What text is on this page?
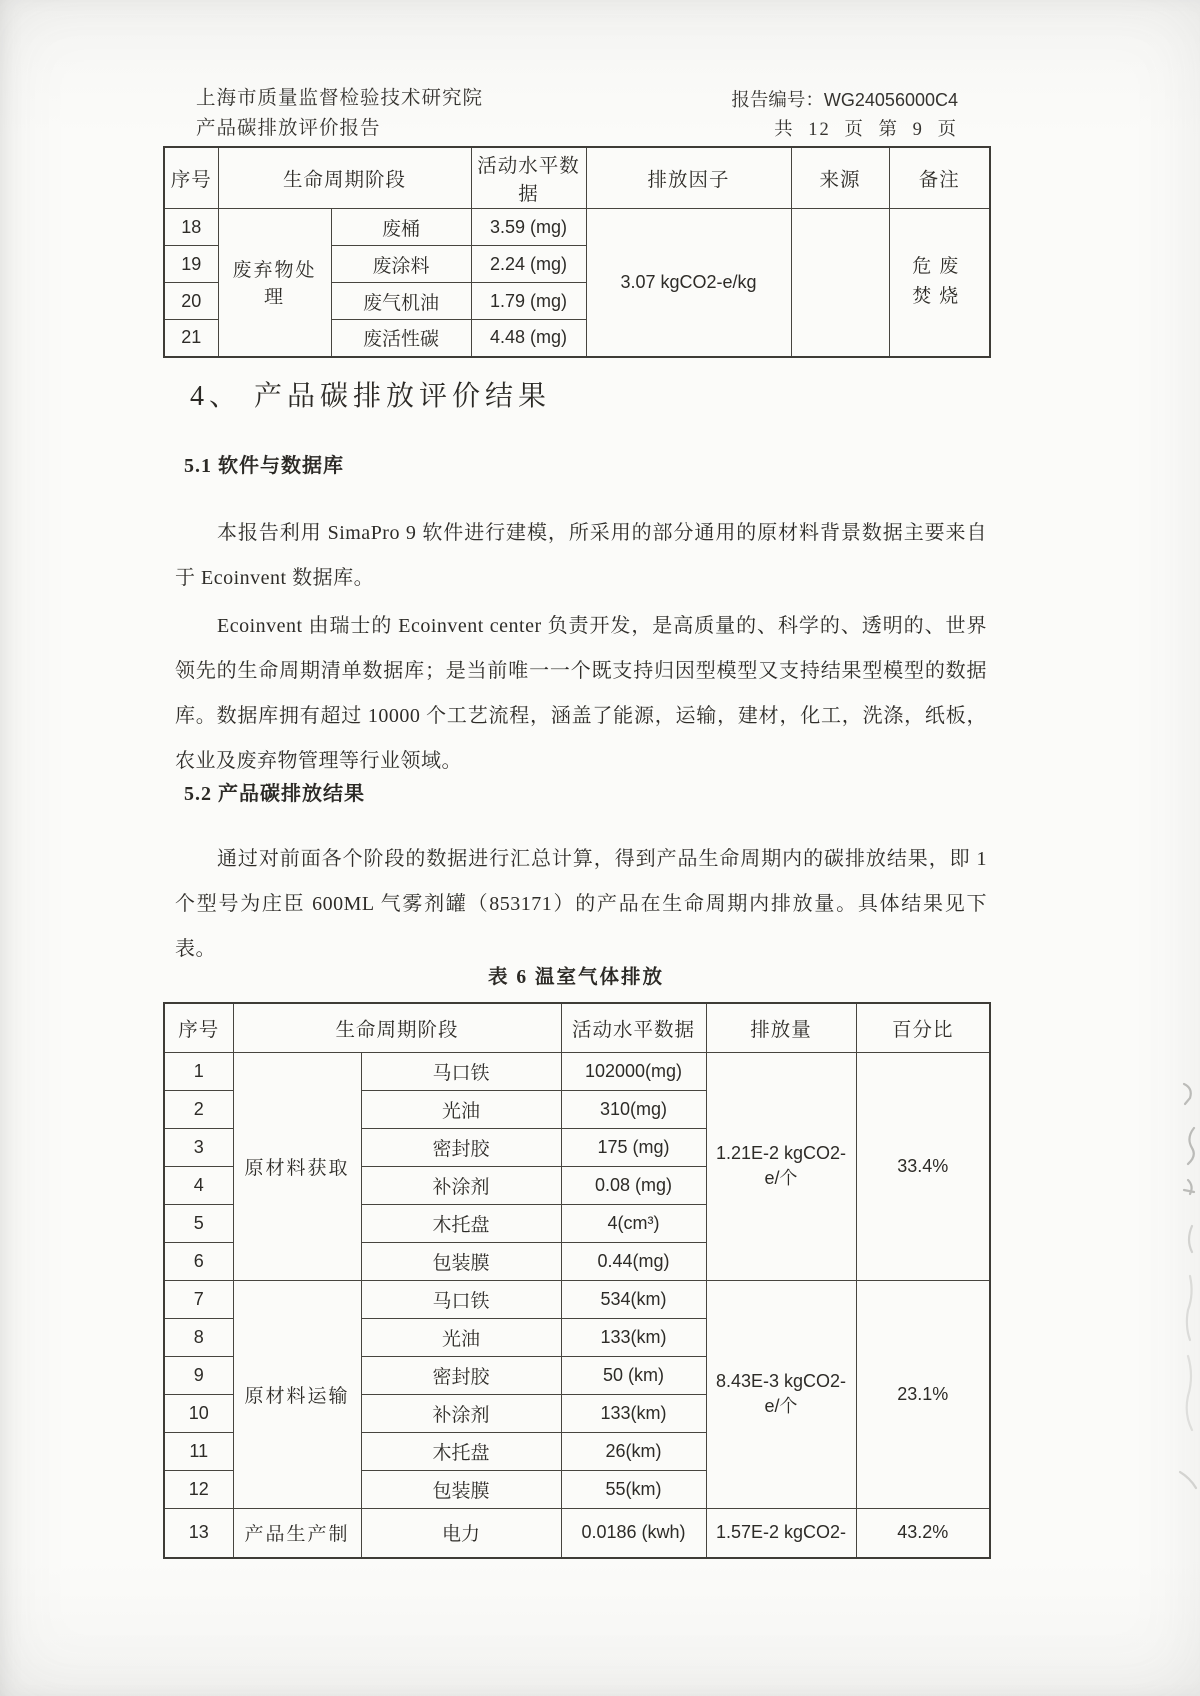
上海市质量监督检验技术研究院
产品碳排放评价报告
报告编号：WG24056000C4
共 12 页 第 9 页
序号	生命周期阶段		活动水平数据	排放因子	来源	备注
18	废弃物处理	废桶	3.59 (mg)	3.07 kgCO2-e/kg		危废焚烧
19		废涂料	2.24 (mg)			
20		废气机油	1.79 (mg)			
21		废活性碳	4.48 (mg)			
4、 产品碳排放评价结果
5.1 软件与数据库

本报告利用 SimaPro 9 软件进行建模，所采用的部分通用的原材料背景数据主要来自于 Ecoinvent 数据库。

Ecoinvent 由瑞士的 Ecoinvent center 负责开发，是高质量的、科学的、透明的、世界领先的生命周期清单数据库；是当前唯一一个既支持归因型模型又支持结果型模型的数据库。数据库拥有超过 10000 个工艺流程，涵盖了能源，运输，建材，化工，洗涤，纸板，农业及废弃物管理等行业领域。

5.2 产品碳排放结果

通过对前面各个阶段的数据进行汇总计算，得到产品生命周期内的碳排放结果，即 1 个型号为庄臣 600ML 气雾剂罐（853171）的产品在生命周期内排放量。具体结果见下表。

表 6 温室气体排放
序号	生命周期阶段		活动水平数据	排放量	百分比
1	原材料获取	马口铁	102000(mg)	1.21E-2 kgCO2-e/个	33.4%
2		光油	310(mg)		
3		密封胶	175 (mg)		
4		补涂剂	0.08 (mg)		
5		木托盘	4(cm³)		
6		包装膜	0.44(mg)		
7	原材料运输	马口铁	534(km)	8.43E-3 kgCO2-e/个	23.1%
8		光油	133(km)		
9		密封胶	50 (km)		
10		补涂剂	133(km)		
11		木托盘	26(km)		
12		包装膜	55(km)		
13	产品生产制	电力	0.0186 (kwh)	1.57E-2 kgCO2-	43.2%
